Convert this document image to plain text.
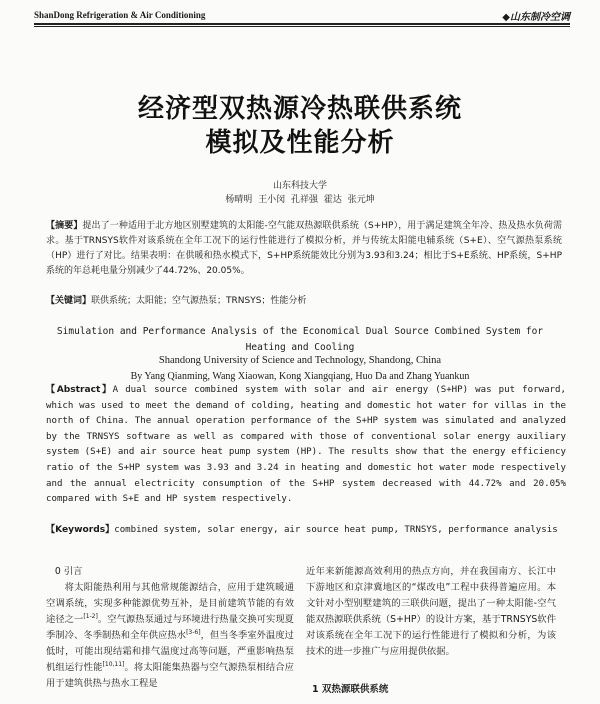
ShanDong Refrigeration & Air Conditioning	◆山东制冷空调
经济型双热源冷热联供系统
模拟及性能分析
山东科技大学
杨晴明 王小闵 孔祥强 霍达 张元坤
【摘要】提出了一种适用于北方地区别墅建筑的太阳能-空气能双热源联供系统（S+HP），用于满足建筑全年冷、热及热水负荷需求。基于TRNSYS软件对该系统在全年工况下的运行性能进行了模拟分析，并与传统太阳能电辅系统（S+E）、空气源热泵系统（HP）进行了对比。结果表明：在供暖和热水模式下，S+HP系统能效比分别为3.93和3.24；相比于S+E系统、HP系统，S+HP系统的年总耗电量分别减少了44.72%、20.05%。
【关键词】联供系统；太阳能；空气源热泵；TRNSYS；性能分析
Simulation and Performance Analysis of the Economical Dual Source Combined System for Heating and Cooling
Shandong University of Science and Technology, Shandong, China
By Yang Qianming, Wang Xiaowan, Kong Xiangqiang, Huo Da and Zhang Yuankun
【Abstract】A dual source combined system with solar and air energy (S+HP) was put forward, which was used to meet the demand of colding, heating and domestic hot water for villas in the north of China. The annual operation performance of the S+HP system was simulated and analyzed by the TRNSYS software as well as compared with those of conventional solar energy auxiliary system (S+E) and air source heat pump system (HP). The results show that the energy efficiency ratio of the S+HP system was 3.93 and 3.24 in heating and domestic hot water mode respectively and the annual electricity consumption of the S+HP system decreased with 44.72% and 20.05% compared with S+E and HP system respectively.
【Keywords】combined system, solar energy, air source heat pump, TRNSYS, performance analysis
0 引言
将太阳能热利用与其他常规能源结合，应用于建筑暖通空调系统，实现多种能源优势互补，是目前建筑节能的有效途径之一[1-2]。空气源热泵通过与环境进行热量交换可实现夏季制冷、冬季制热和全年供应热水[3-6]，但当冬季室外温度过低时，可能出现结霜和排气温度过高等问题，严重影响热泵机组运行性能[10,11]。将太阳能集热器与空气源热泵相结合应用于建筑供热与热水工程是
近年来新能源高效利用的热点方向，并在我国南方、长江中下游地区和京津冀地区的“煤改电”工程中获得普遍应用。本文针对小型别墅建筑的三联供问题，提出了一种太阳能-空气能双热源联供系统（S+HP）的设计方案，基于TRNSYS软件对该系统在全年工况下的运行性能进行了模拟和分析，为该技术的进一步推广与应用提供依据。
1 双热源联供系统
